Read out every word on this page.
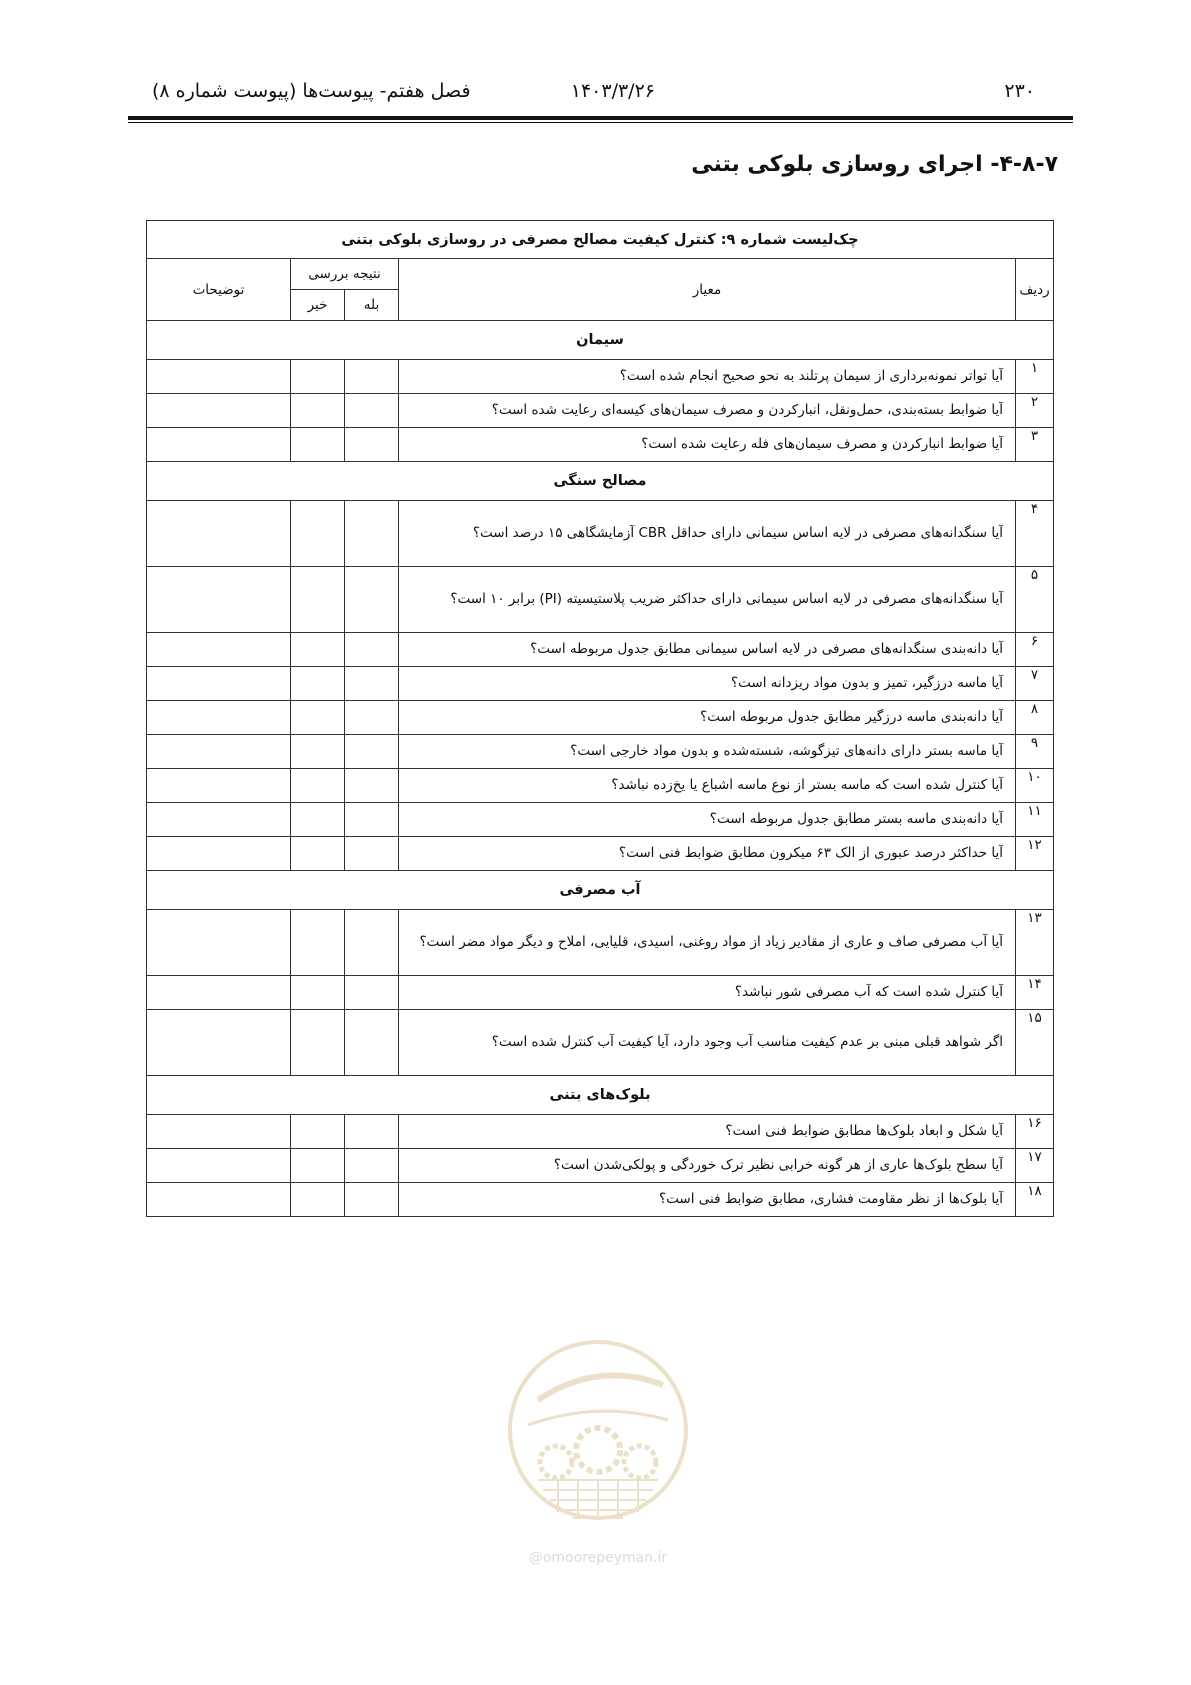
۲۳۰
۱۴۰۳/۳/۲۶
فصل هفتم- پیوست‌ها (پیوست شماره ۸)
۴-۸-۷- اجرای روسازی بلوکی بتنی
چک‌لیست شماره ۹: کنترل کیفیت مصالح مصرفی در روسازی بلوکی بتنی				
ردیف	معیار	نتیجه بررسی		توضیحات
		بله	خیر	
سیمان				
۱	آیا تواتر نمونه‌برداری از سیمان پرتلند به نحو صحیح انجام شده است؟			
۲	آیا ضوابط بسته‌بندی، حمل‌ونقل، انبارکردن و مصرف سیمان‌های کیسه‌ای رعایت شده است؟			
۳	آیا ضوابط انبارکردن و مصرف سیمان‌های فله رعایت شده است؟			
مصالح سنگی				
۴	آیا سنگدانه‌های مصرفی در لایه اساس سیمانی دارای حداقل CBR آزمایشگاهی ۱۵ درصد است؟			
۵	آیا سنگدانه‌های مصرفی در لایه اساس سیمانی دارای حداکثر ضریب پلاستیسیته (PI) برابر ۱۰ است؟			
۶	آیا دانه‌بندی سنگدانه‌های مصرفی در لایه اساس سیمانی مطابق جدول مربوطه است؟			
۷	آیا ماسه درزگیر، تمیز و بدون مواد ریزدانه است؟			
۸	آیا دانه‌بندی ماسه درزگیر مطابق جدول مربوطه است؟			
۹	آیا ماسه بستر دارای دانه‌های تیزگوشه، شسته‌شده و بدون مواد خارجی است؟			
۱۰	آیا کنترل شده است که ماسه بستر از نوع ماسه اشباع یا یخ‌زده نباشد؟			
۱۱	آیا دانه‌بندی ماسه بستر مطابق جدول مربوطه است؟			
۱۲	آیا حداکثر درصد عبوری از الک ۶۳ میکرون مطابق ضوابط فنی است؟			
آب مصرفی				
۱۳	آیا آب مصرفی صاف و عاری از مقادیر زیاد از مواد روغنی، اسیدی، قلیایی، املاح و دیگر مواد مضر است؟			
۱۴	آیا کنترل شده است که آب مصرفی شور نباشد؟			
۱۵	اگر شواهد قبلی مبنی بر عدم کیفیت مناسب آب وجود دارد، آیا کیفیت آب کنترل شده است؟			
بلوک‌های بتنی				
۱۶	آیا شکل و ابعاد بلوک‌ها مطابق ضوابط فنی است؟			
۱۷	آیا سطح بلوک‌ها عاری از هر گونه خرابی نظیر ترک خوردگی و پولکی‌شدن است؟			
۱۸	آیا بلوک‌ها از نظر مقاومت فشاری، مطابق ضوابط فنی است؟			
@omoorepeyman.ir
